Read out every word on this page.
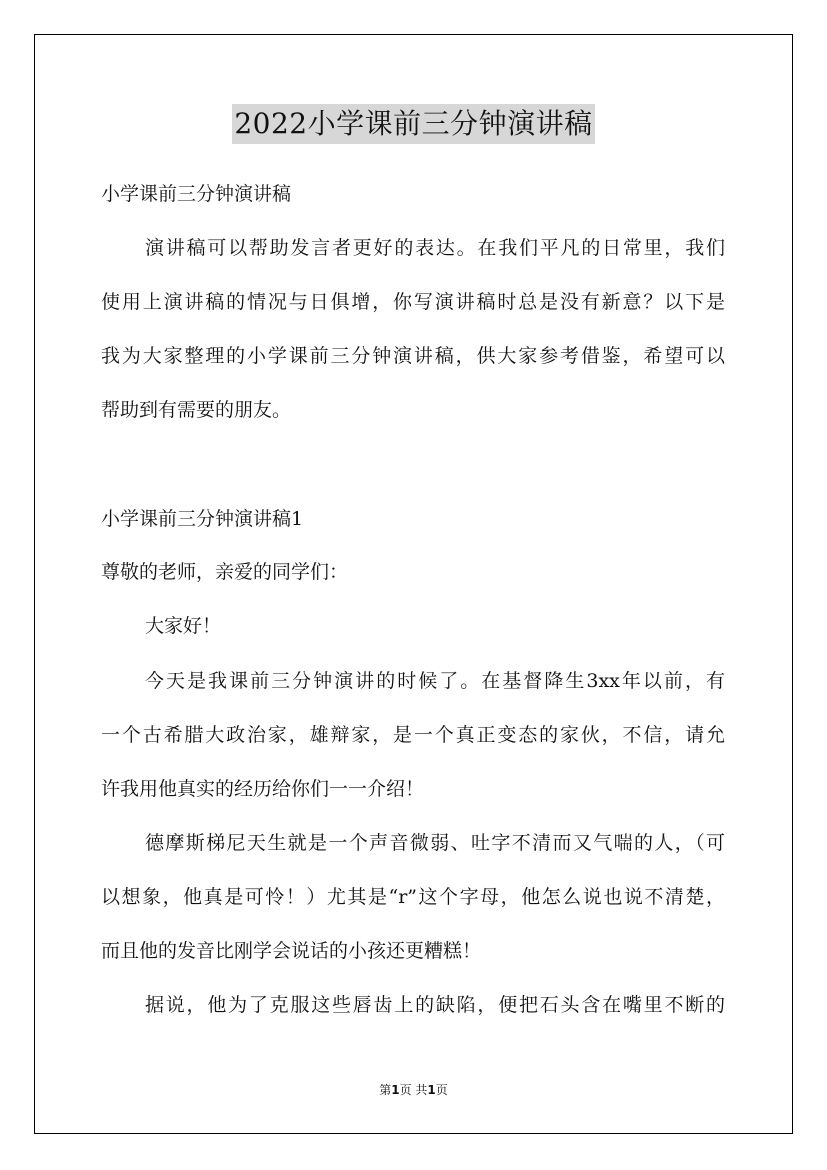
2022小学课前三分钟演讲稿
小学课前三分钟演讲稿
演讲稿可以帮助发言者更好的表达。在我们平凡的日常里，我们
使用上演讲稿的情况与日俱增，你写演讲稿时总是没有新意？以下是
我为大家整理的小学课前三分钟演讲稿，供大家参考借鉴，希望可以
帮助到有需要的朋友。
小学课前三分钟演讲稿1
尊敬的老师，亲爱的同学们：
大家好！
今天是我课前三分钟演讲的时候了。在基督降生3xx年以前，有
一个古希腊大政治家，雄辩家，是一个真正变态的家伙，不信，请允
许我用他真实的经历给你们一一介绍！
德摩斯梯尼天生就是一个声音微弱、吐字不清而又气喘的人，（可
以想象，他真是可怜！）尤其是“r”这个字母，他怎么说也说不清楚，
而且他的发音比刚学会说话的小孩还更糟糕！
据说，他为了克服这些唇齿上的缺陷，便把石头含在嘴里不断的
第1页 共1页
